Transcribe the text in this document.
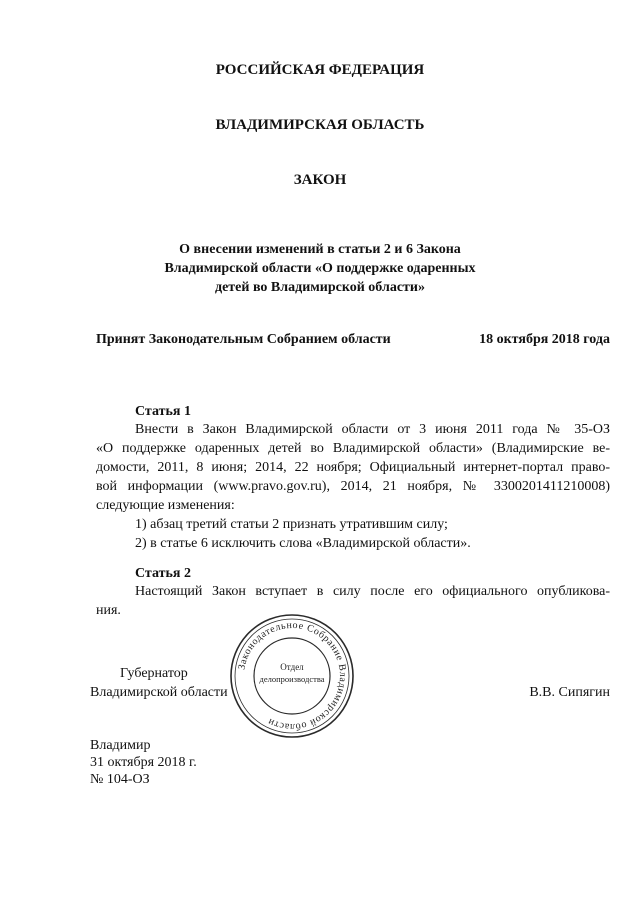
РОССИЙСКАЯ ФЕДЕРАЦИЯ
ВЛАДИМИРСКАЯ ОБЛАСТЬ
ЗАКОН
О внесении изменений в статьи 2 и 6 Закона
Владимирской области «О поддержке одаренных
детей во Владимирской области»
Принят Законодательным Собранием области	18 октября 2018 года
Статья 1
Внести в Закон Владимирской области от 3 июня 2011 года № 35-ОЗ
«О поддержке одаренных детей во Владимирской области» (Владимирские ве-
домости, 2011, 8 июня; 2014, 22 ноября; Официальный интернет-портал право-
вой информации (www.pravo.gov.ru), 2014, 21 ноября, № 3300201411210008)
следующие изменения:
1) абзац третий статьи 2 признать утратившим силу;
2) в статье 6 исключить слова «Владимирской области».
Статья 2
Настоящий Закон вступает в силу после его официального опубликова-
ния.
Губернатор
Владимирской области	В.В. Сипягин
Законодательное Собрание Владимирской области
Отдел
делопроизводства
Владимир
31 октября 2018 г.
№ 104-ОЗ
